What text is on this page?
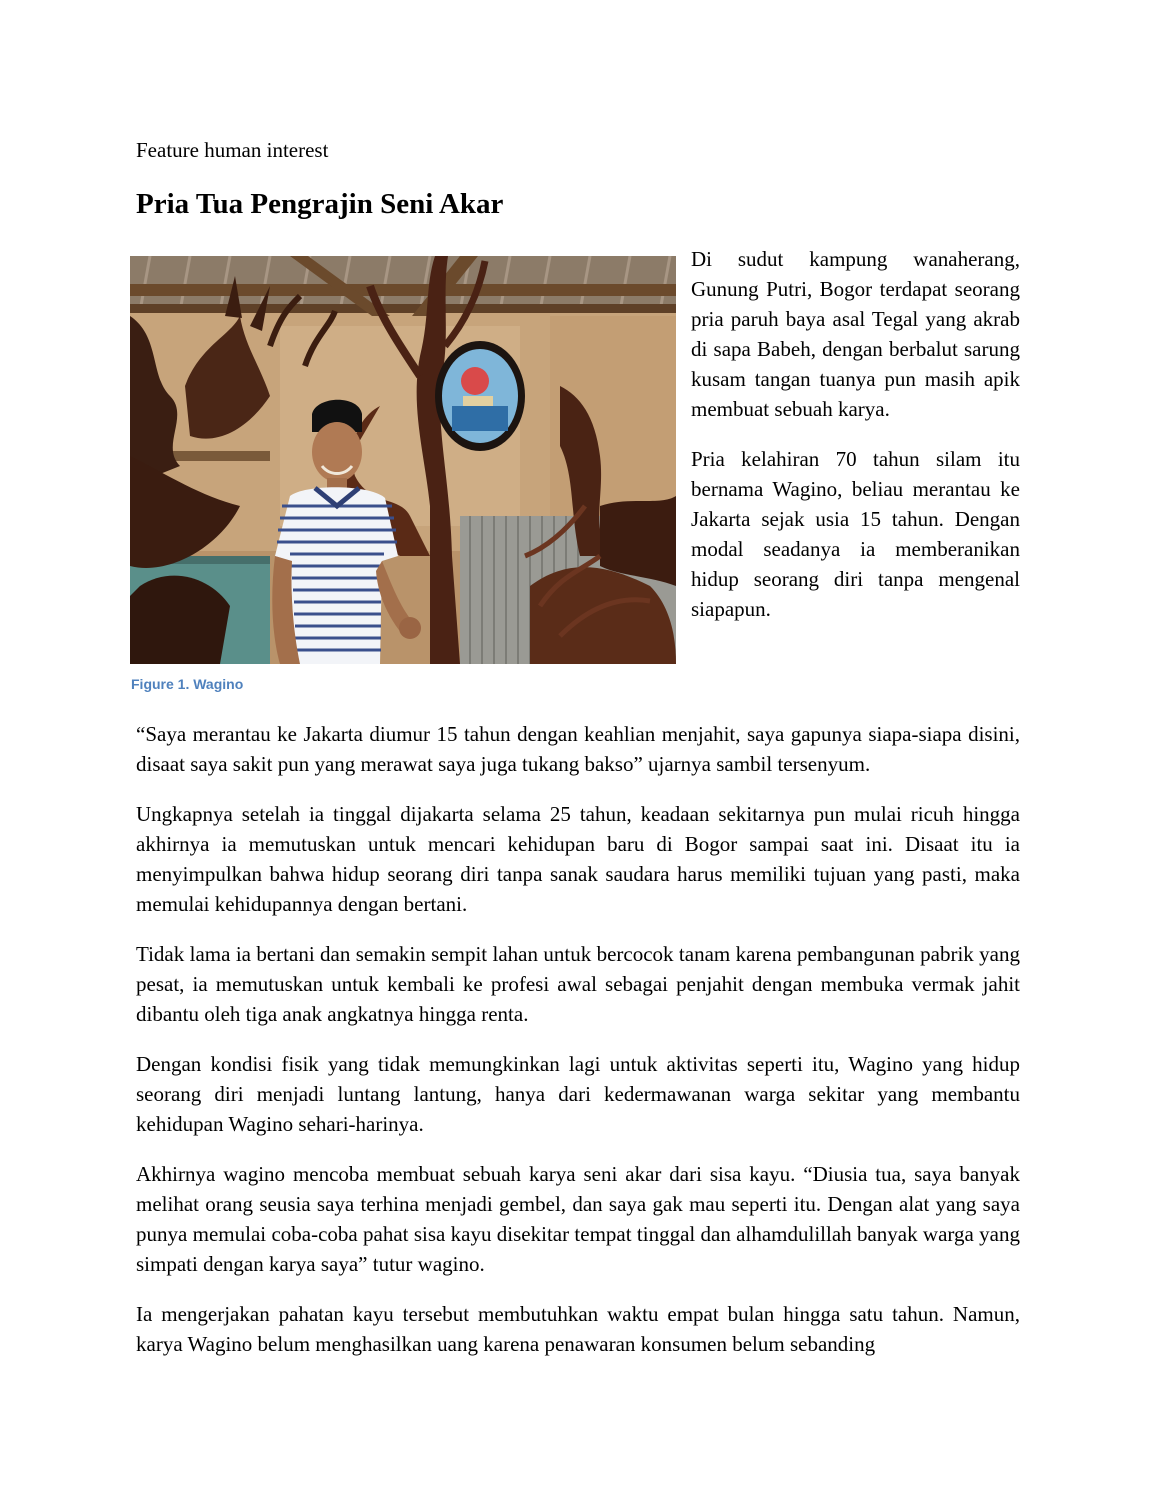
Feature human interest
Pria Tua Pengrajin Seni Akar
Figure 1. Wagino

Di sudut kampung wanaherang, Gunung Putri, Bogor terdapat seorang pria paruh baya asal Tegal yang akrab di sapa Babeh, dengan berbalut sarung kusam tangan tuanya pun masih apik membuat sebuah karya.

Pria kelahiran 70 tahun silam itu bernama Wagino, beliau merantau ke Jakarta sejak usia 15 tahun. Dengan modal seadanya ia memberanikan hidup seorang diri tanpa mengenal siapapun.

“Saya merantau ke Jakarta diumur 15 tahun dengan keahlian menjahit, saya gapunya siapa-siapa disini, disaat saya sakit pun yang merawat saya juga tukang bakso” ujarnya sambil tersenyum.

Ungkapnya setelah ia tinggal dijakarta selama 25 tahun, keadaan sekitarnya pun mulai ricuh hingga akhirnya ia memutuskan untuk mencari kehidupan baru di Bogor sampai saat ini. Disaat itu ia menyimpulkan bahwa hidup seorang diri tanpa sanak saudara harus memiliki tujuan yang pasti, maka memulai kehidupannya dengan bertani.

Tidak lama ia bertani dan semakin sempit lahan untuk bercocok tanam karena pembangunan pabrik yang pesat, ia memutuskan untuk kembali ke profesi awal sebagai penjahit dengan membuka vermak jahit dibantu oleh tiga anak angkatnya hingga renta.

Dengan kondisi fisik yang tidak memungkinkan lagi untuk aktivitas seperti itu, Wagino yang hidup seorang diri menjadi luntang lantung, hanya dari kedermawanan warga sekitar yang membantu kehidupan Wagino sehari-harinya.

Akhirnya wagino mencoba membuat sebuah karya seni akar dari sisa kayu. “Diusia tua, saya banyak melihat orang seusia saya terhina menjadi gembel, dan saya gak mau seperti itu. Dengan alat yang saya punya memulai coba-coba pahat sisa kayu disekitar tempat tinggal dan alhamdulillah banyak warga yang simpati dengan karya saya” tutur wagino.

Ia mengerjakan pahatan kayu tersebut membutuhkan waktu empat bulan hingga satu tahun. Namun, karya Wagino belum menghasilkan uang karena penawaran konsumen belum sebanding
